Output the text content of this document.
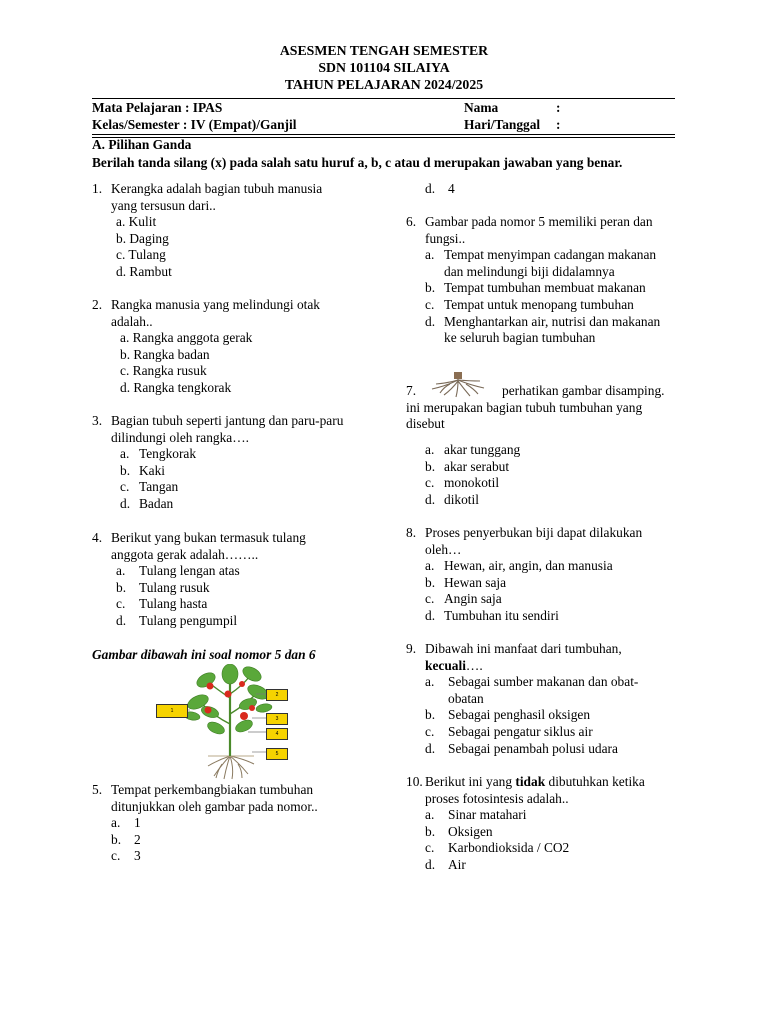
ASESMEN TENGAH SEMESTER
SDN 101104 SILAIYA
TAHUN PELAJARAN 2024/2025
Mata Pelajaran : IPAS
Kelas/Semester : IV (Empat)/Ganjil
Nama	:
Hari/Tanggal :
A. Pilihan Ganda
Berilah tanda silang (x) pada salah satu huruf a, b, c atau d merupakan jawaban yang benar.
1. Kerangka adalah bagian tubuh manusia
yang tersusun dari..
a. Kulit
b. Daging
c. Tulang
d. Rambut
2. Rangka manusia yang melindungi otak
adalah..
a. Rangka anggota gerak
b. Rangka badan
c. Rangka rusuk
d. Rangka tengkorak
3. Bagian tubuh seperti jantung dan paru-paru
dilindungi oleh rangka….
a. Tengkorak
b. Kaki
c. Tangan
d. Badan
4. Berikut yang bukan termasuk tulang
anggota gerak adalah……..
a. Tulang lengan atas
b. Tulang rusuk
c. Tulang hasta
d. Tulang pengumpil
Gambar dibawah ini soal nomor 5 dan 6
1
2
3
4
5
5. Tempat perkembangbiakan tumbuhan
ditunjukkan oleh gambar pada nomor..
a. 1
b. 2
c. 3
d. 4
6. Gambar pada nomor 5 memiliki peran dan
fungsi..
a. Tempat menyimpan cadangan makanan
dan melindungi biji didalamnya
b. Tempat tumbuhan membuat makanan
c. Tempat untuk menopang tumbuhan
d. Menghantarkan air, nutrisi dan makanan
ke seluruh bagian tumbuhan
7.	perhatikan gambar disamping.
ini merupakan bagian tubuh tumbuhan yang
disebut
a. akar tunggang
b. akar serabut
c. monokotil
d. dikotil
8. Proses penyerbukan biji dapat dilakukan
oleh…
a. Hewan, air, angin, dan manusia
b. Hewan saja
c. Angin saja
d. Tumbuhan itu sendiri
9. Dibawah ini manfaat dari tumbuhan,
kecuali….
a. Sebagai sumber makanan dan obat-
obatan
b. Sebagai penghasil oksigen
c. Sebagai pengatur siklus air
d. Sebagai penambah polusi udara
10. Berikut ini yang tidak dibutuhkan ketika
proses fotosintesis adalah..
a. Sinar matahari
b. Oksigen
c. Karbondioksida / CO2
d. Air
